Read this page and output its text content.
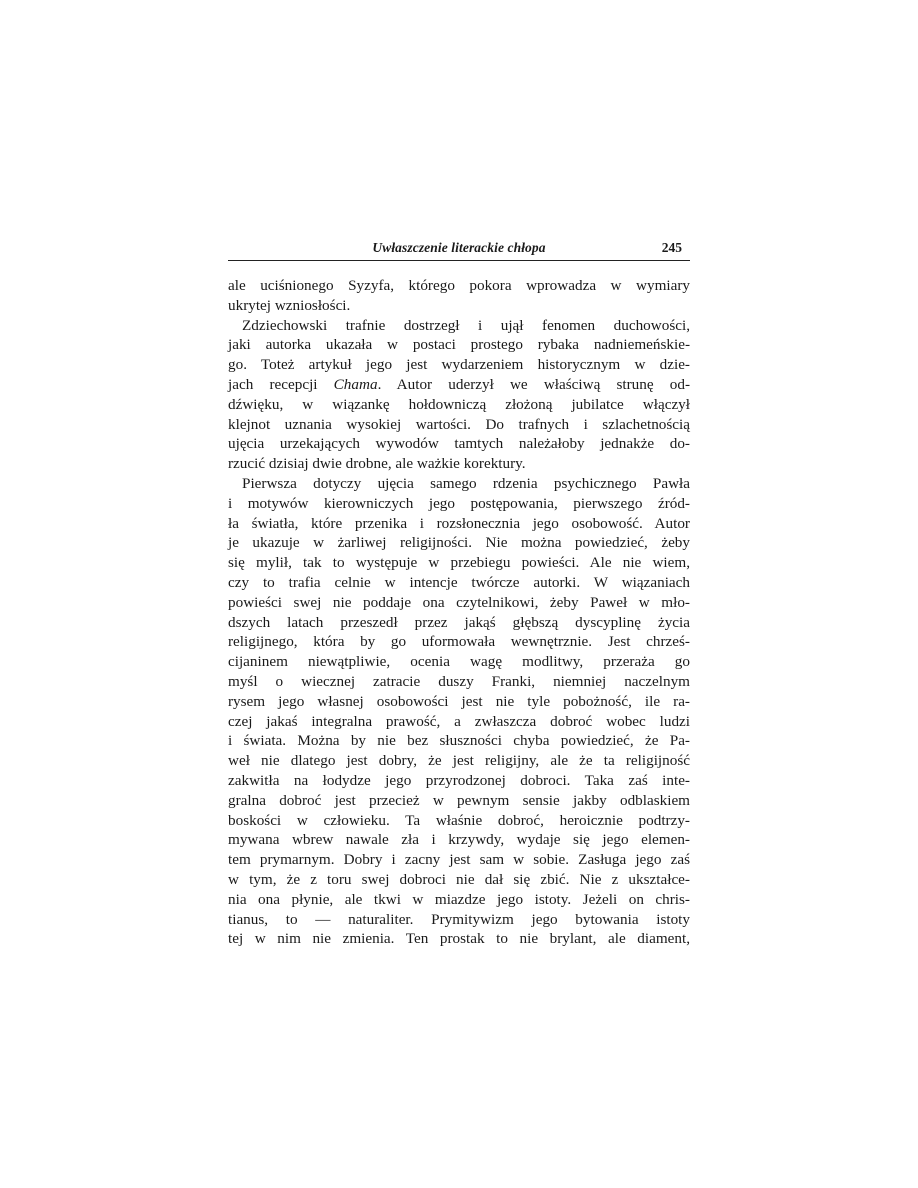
Uwłaszczenie literackie chłopa	245
ale uciśnionego Syzyfa, którego pokora wprowadza w wymiary
ukrytej wzniosłości.
Zdziechowski trafnie dostrzegł i ujął fenomen duchowości,
jaki autorka ukazała w postaci prostego rybaka nadniemeńskie-
go. Toteż artykuł jego jest wydarzeniem historycznym w dzie-
jach recepcji Chama. Autor uderzył we właściwą strunę od-
dźwięku, w wiązankę hołdowniczą złożoną jubilatce włączył
klejnot uznania wysokiej wartości. Do trafnych i szlachetnością
ujęcia urzekających wywodów tamtych należałoby jednakże do-
rzucić dzisiaj dwie drobne, ale ważkie korektury.
Pierwsza dotyczy ujęcia samego rdzenia psychicznego Pawła
i motywów kierowniczych jego postępowania, pierwszego źród-
ła światła, które przenika i rozsłonecznia jego osobowość. Autor
je ukazuje w żarliwej religijności. Nie można powiedzieć, żeby
się mylił, tak to występuje w przebiegu powieści. Ale nie wiem,
czy to trafia celnie w intencje twórcze autorki. W wiązaniach
powieści swej nie poddaje ona czytelnikowi, żeby Paweł w mło-
dszych latach przeszedł przez jakąś głębszą dyscyplinę życia
religijnego, która by go uformowała wewnętrznie. Jest chrześ-
cijaninem niewątpliwie, ocenia wagę modlitwy, przeraża go
myśl o wiecznej zatracie duszy Franki, niemniej naczelnym
rysem jego własnej osobowości jest nie tyle pobożność, ile ra-
czej jakaś integralna prawość, a zwłaszcza dobroć wobec ludzi
i świata. Można by nie bez słuszności chyba powiedzieć, że Pa-
weł nie dlatego jest dobry, że jest religijny, ale że ta religijność
zakwitła na łodydze jego przyrodzonej dobroci. Taka zaś inte-
gralna dobroć jest przecież w pewnym sensie jakby odblaskiem
boskości w człowieku. Ta właśnie dobroć, heroicznie podtrzy-
mywana wbrew nawale zła i krzywdy, wydaje się jego elemen-
tem prymarnym. Dobry i zacny jest sam w sobie. Zasługa jego zaś
w tym, że z toru swej dobroci nie dał się zbić. Nie z ukształce-
nia ona płynie, ale tkwi w miazdze jego istoty. Jeżeli on chris-
tianus, to — naturaliter. Prymitywizm jego bytowania istoty
tej w nim nie zmienia. Ten prostak to nie brylant, ale diament,
